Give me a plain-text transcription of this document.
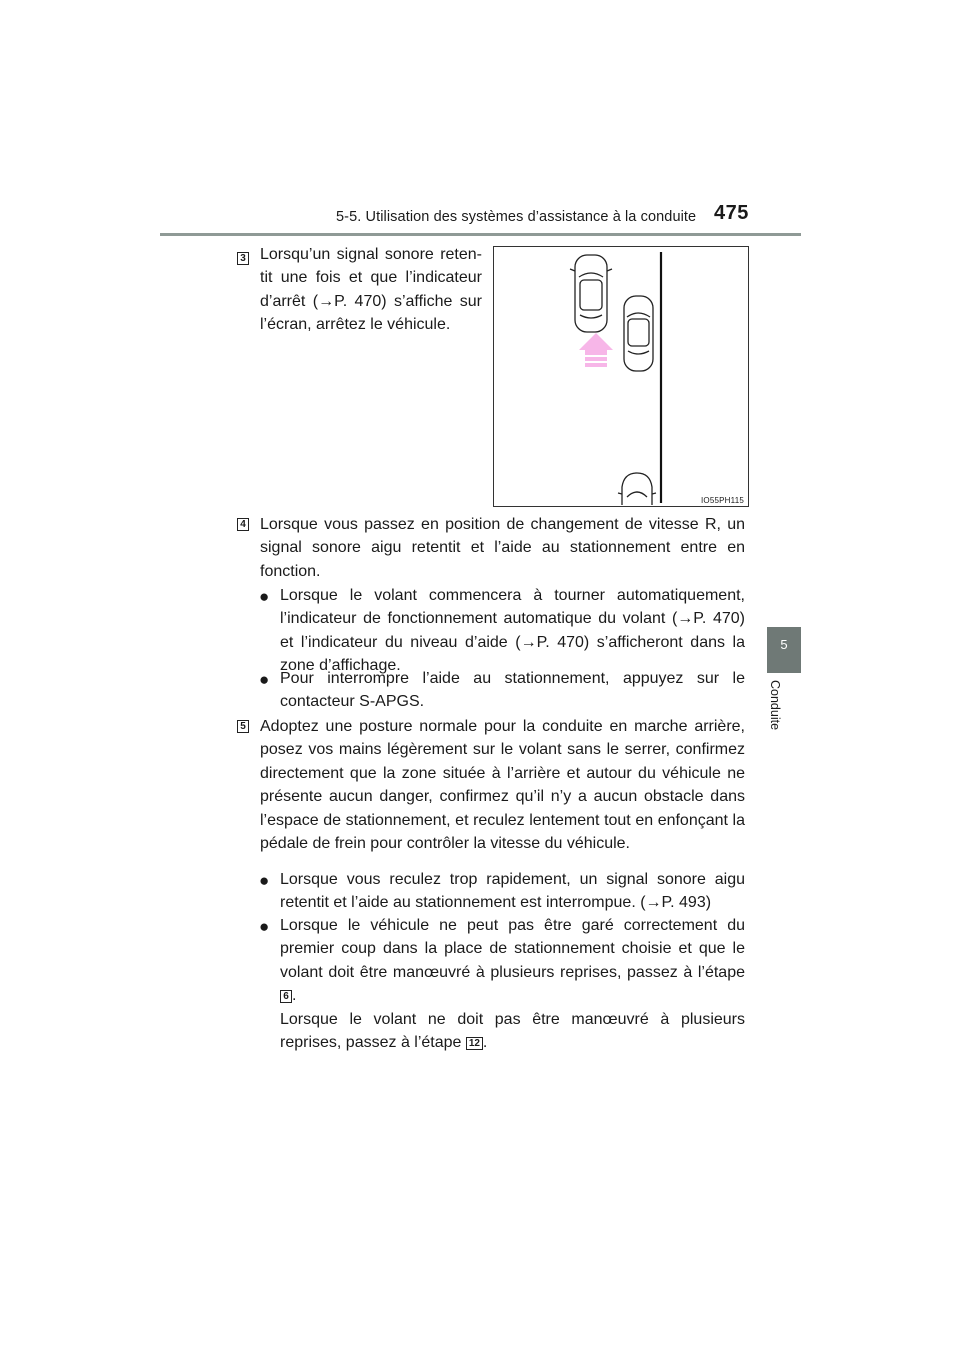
5-5. Utilisation des systèmes d’assistance à la conduite 475
5
Conduite
3 Lorsqu’un signal sonore reten-
tit une fois et que l’indicateur
d’arrêt (→P. 470) s’affiche sur
l’écran, arrêtez le véhicule.
IO55PH115
4 Lorsque vous passez en position de changement de vitesse R, un signal sonore aigu retentit et l’aide au stationnement entre en fonction.
● Lorsque le volant commencera à tourner automatiquement, l’indicateur de fonctionnement automatique du volant (→P. 470) et l’indicateur du niveau d’aide (→P. 470) s’afficheront dans la zone d’affichage.
● Pour interrompre l’aide au stationnement, appuyez sur le contacteur S-APGS.
5 Adoptez une posture normale pour la conduite en marche arrière, posez vos mains légèrement sur le volant sans le serrer, confirmez directement que la zone située à l’arrière et autour du véhicule ne présente aucun danger, confirmez qu’il n’y a aucun obstacle dans l’espace de stationnement, et reculez lentement tout en enfonçant la pédale de frein pour contrôler la vitesse du véhicule.
● Lorsque vous reculez trop rapidement, un signal sonore aigu retentit et l’aide au stationnement est interrompue. (→P. 493)
● Lorsque le véhicule ne peut pas être garé correctement du premier coup dans la place de stationnement choisie et que le volant doit être manœuvré à plusieurs reprises, passez à l’étape 6 .
Lorsque le volant ne doit pas être manœuvré à plusieurs reprises, passez à l’étape 12 .
